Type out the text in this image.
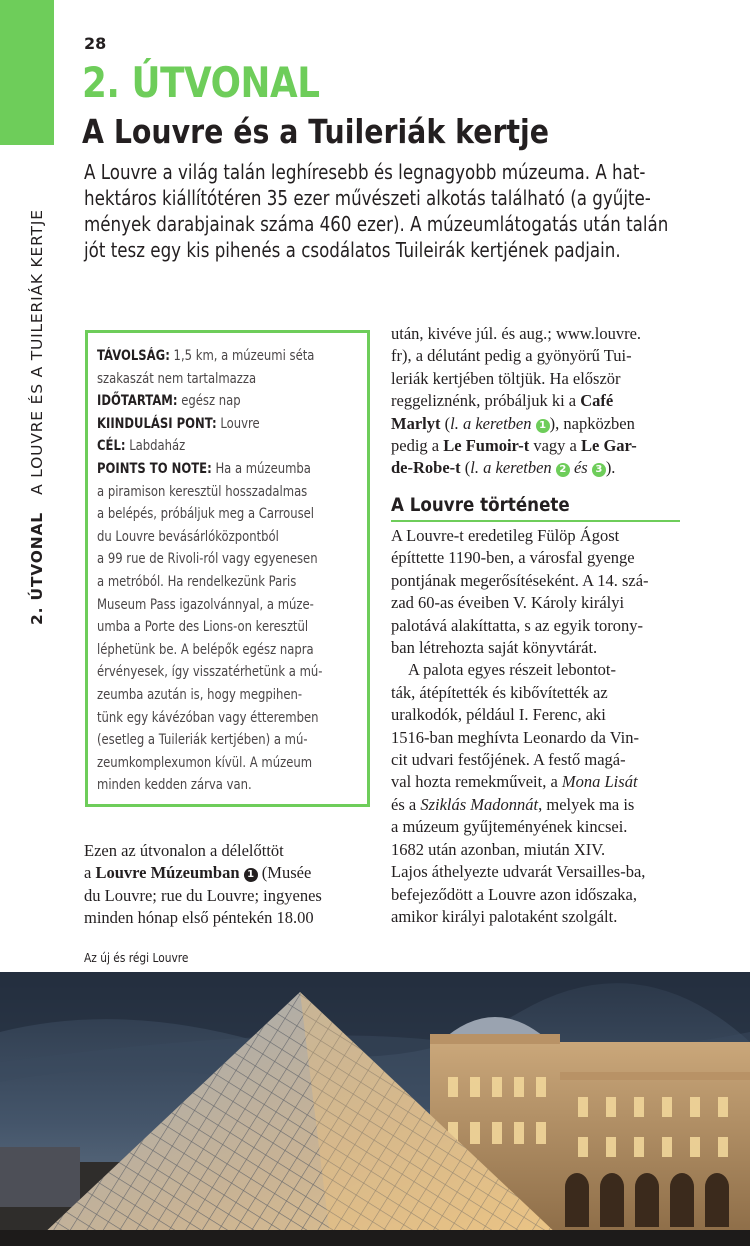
2. ÚTVONAL   A LOUVRE ÉS A TUILERIÁK KERTJE
28
2. ÚTVONAL
A Louvre és a Tuileriák kertje
A Louvre a világ talán leghíresebb és legnagyobb múzeuma. A hat-
hektáros kiállítótéren 35 ezer művészeti alkotás található (a gyűjte-
mények darabjainak száma 460 ezer). A múzeumlátogatás után talán
jót tesz egy kis pihenés a csodálatos Tuileirák kertjének padjain.
TÁVOLSÁG: 1,5 km, a múzeumi séta
szakaszát nem tartalmazza
IDŐTARTAM: egész nap
KIINDULÁSI PONT: Louvre
CÉL: Labdaház
POINTS TO NOTE: Ha a múzeumba
a piramison keresztül hosszadalmas
a belépés, próbáljuk meg a Carrousel
du Louvre bevásárlóközpontból
a 99 rue de Rivoli-ról vagy egyenesen
a metróból. Ha rendelkezünk Paris
Museum Pass igazolvánnyal, a múze-
umba a Porte des Lions-on keresztül
léphetünk be. A belépők egész napra
érvényesek, így visszatérhetünk a mú-
zeumba azután is, hogy megpihen-
tünk egy kávézóban vagy étteremben
(esetleg a Tuileriák kertjében) a mú-
zeumkomplexumon kívül. A múzeum
minden kedden zárva van.
Ezen az útvonalon a délelőttöt
a Louvre Múzeumban 1 (Musée
du Louvre; rue du Louvre; ingyenes
minden hónap első péntekén 18.00
után, kivéve júl. és aug.; www.louvre.
fr), a délutánt pedig a gyönyörű Tui-
leriák kertjében töltjük. Ha először
reggeliznénk, próbáljuk ki a Café
Marlyt (l. a keretben 1 ), napközben
pedig a Le Fumoir-t vagy a Le Gar-
de-Robe-t (l. a keretben 2 és 3 ).
A Louvre története
A Louvre-t eredetileg Fülöp Ágost
építtette 1190-ben, a városfal gyenge
pontjának megerősítéseként. A 14. szá-
zad 60-as éveiben V. Károly királyi
palotává alakíttatta, s az egyik torony-
ban létrehozta saját könyvtárát.
A palota egyes részeit lebontot-
ták, átépítették és kibővítették az
uralkodók, például I. Ferenc, aki
1516-ban meghívta Leonardo da Vin-
cit udvari festőjének. A festő magá-
val hozta remekműveit, a Mona Lisát
és a Sziklás Madonnát, melyek ma is
a múzeum gyűjteményének kincsei.
1682 után azonban, miután XIV.
Lajos áthelyezte udvarát Versailles-ba,
befejeződött a Louvre azon időszaka,
amikor királyi palotaként szolgált.
Az új és régi Louvre
